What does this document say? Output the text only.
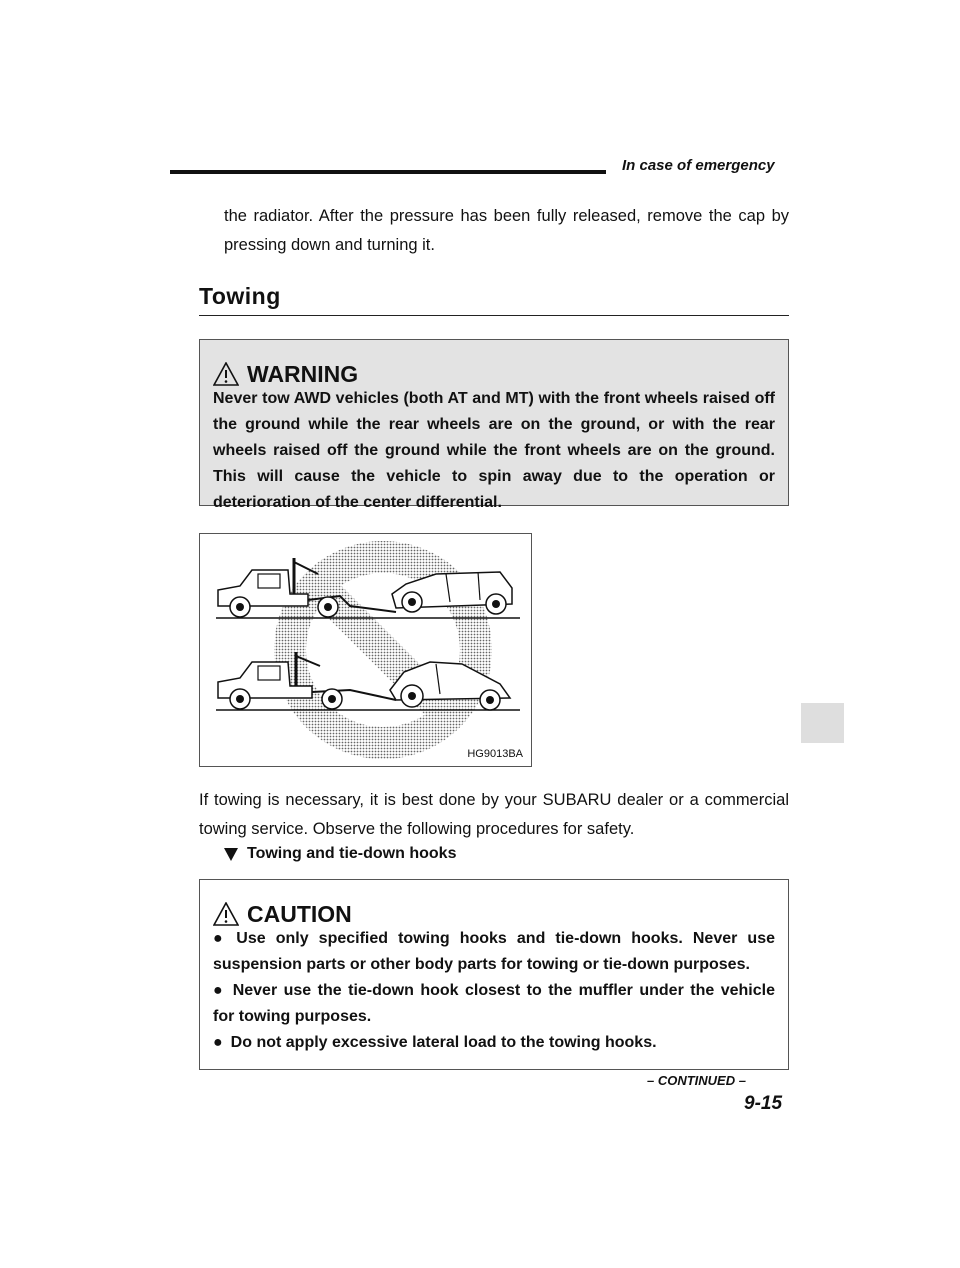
In case of emergency
the radiator. After the pressure has been fully released, remove the cap by pressing down and turning it.
Towing
WARNING
Never tow AWD vehicles (both AT and MT) with the front wheels raised off the ground while the rear wheels are on the ground, or with the rear wheels raised off the ground while the front wheels are on the ground. This will cause the vehicle to spin away due to the operation or deterioration of the center differential.
HG9013BA
If towing is necessary, it is best done by your SUBARU dealer or a commercial towing service. Observe the following procedures for safety.
Towing and tie-down hooks
CAUTION
● Use only specified towing hooks and tie-down hooks. Never use suspension parts or other body parts for towing or tie-down purposes.
● Never use the tie-down hook closest to the muffler under the vehicle for towing purposes.
● Do not apply excessive lateral load to the towing hooks.
– CONTINUED –
9-15
